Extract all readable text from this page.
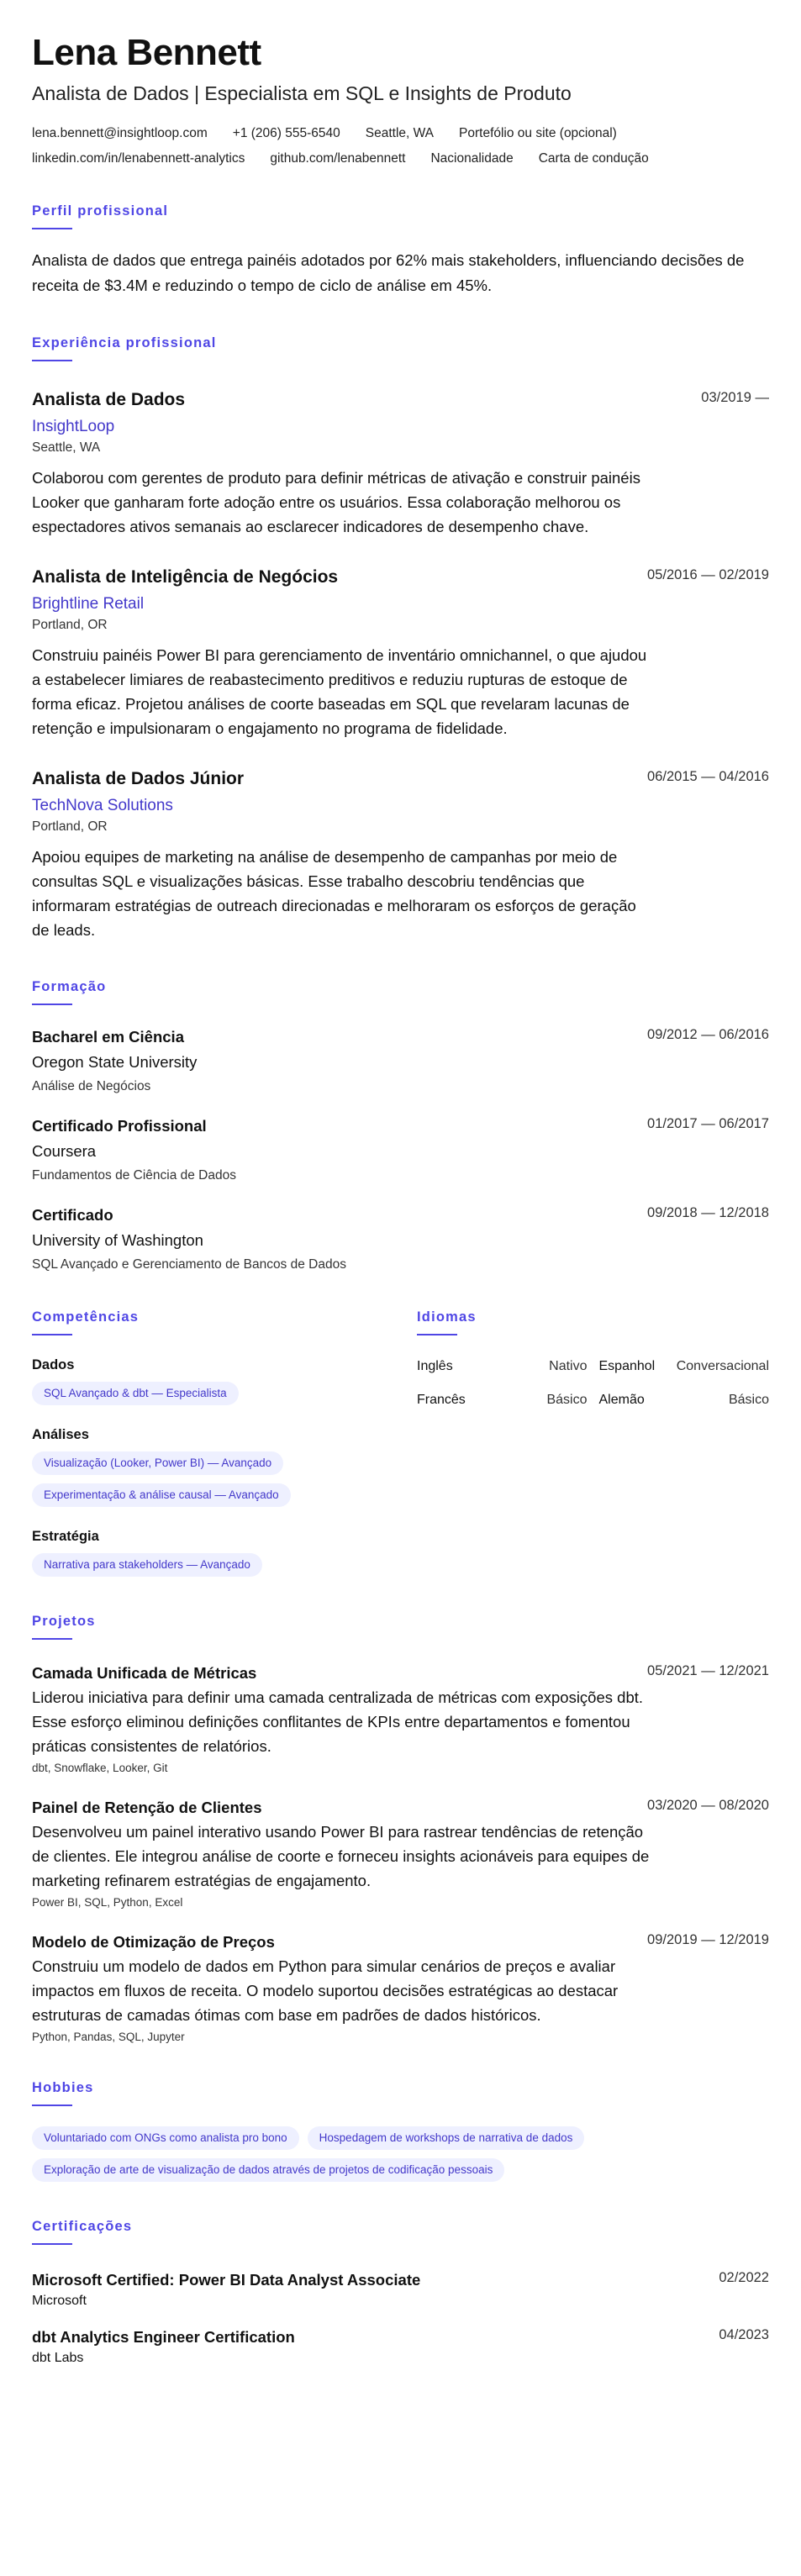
Lena Bennett
Analista de Dados | Especialista em SQL e Insights de Produto
lena.bennett@insightloop.com +1 (206) 555-6540 Seattle, WA Portefólio ou site (opcional)
linkedin.com/in/lenabennett-analytics github.com/lenabennett Nacionalidade Carta de condução
Perfil profissional
Analista de dados que entrega painéis adotados por 62% mais stakeholders, influenciando decisões de receita de $3.4M e reduzindo o tempo de ciclo de análise em 45%.
Experiência profissional
Analista de Dados	03/2019 —
InsightLoop
Seattle, WA
Colaborou com gerentes de produto para definir métricas de ativação e construir painéis Looker que ganharam forte adoção entre os usuários. Essa colaboração melhorou os espectadores ativos semanais ao esclarecer indicadores de desempenho chave.
Analista de Inteligência de Negócios	05/2016 — 02/2019
Brightline Retail
Portland, OR
Construiu painéis Power BI para gerenciamento de inventário omnichannel, o que ajudou a estabelecer limiares de reabastecimento preditivos e reduziu rupturas de estoque de forma eficaz. Projetou análises de coorte baseadas em SQL que revelaram lacunas de retenção e impulsionaram o engajamento no programa de fidelidade.
Analista de Dados Júnior	06/2015 — 04/2016
TechNova Solutions
Portland, OR
Apoiou equipes de marketing na análise de desempenho de campanhas por meio de consultas SQL e visualizações básicas. Esse trabalho descobriu tendências que informaram estratégias de outreach direcionadas e melhoraram os esforços de geração de leads.
Formação
Bacharel em Ciência	09/2012 — 06/2016
Oregon State University
Análise de Negócios
Certificado Profissional	01/2017 — 06/2017
Coursera
Fundamentos de Ciência de Dados
Certificado	09/2018 — 12/2018
University of Washington
SQL Avançado e Gerenciamento de Bancos de Dados
Competências
Dados
SQL Avançado & dbt — Especialista
Análises
Visualização (Looker, Power BI) — Avançado
Experimentação & análise causal — Avançado
Estratégia
Narrativa para stakeholders — Avançado
Idiomas
Inglês	Nativo Espanhol Conversacional
Francês	Básico Alemão	Básico
Projetos
Camada Unificada de Métricas	05/2021 — 12/2021
Liderou iniciativa para definir uma camada centralizada de métricas com exposições dbt. Esse esforço eliminou definições conflitantes de KPIs entre departamentos e fomentou práticas consistentes de relatórios.
dbt, Snowflake, Looker, Git
Painel de Retenção de Clientes	03/2020 — 08/2020
Desenvolveu um painel interativo usando Power BI para rastrear tendências de retenção de clientes. Ele integrou análise de coorte e forneceu insights acionáveis para equipes de marketing refinarem estratégias de engajamento.
Power BI, SQL, Python, Excel
Modelo de Otimização de Preços	09/2019 — 12/2019
Construiu um modelo de dados em Python para simular cenários de preços e avaliar impactos em fluxos de receita. O modelo suportou decisões estratégicas ao destacar estruturas de camadas ótimas com base em padrões de dados históricos.
Python, Pandas, SQL, Jupyter
Hobbies
Voluntariado com ONGs como analista pro bono	Hospedagem de workshops de narrativa de dados
Exploração de arte de visualização de dados através de projetos de codificação pessoais
Certificações
Microsoft Certified: Power BI Data Analyst Associate	02/2022
Microsoft
dbt Analytics Engineer Certification	04/2023
dbt Labs
